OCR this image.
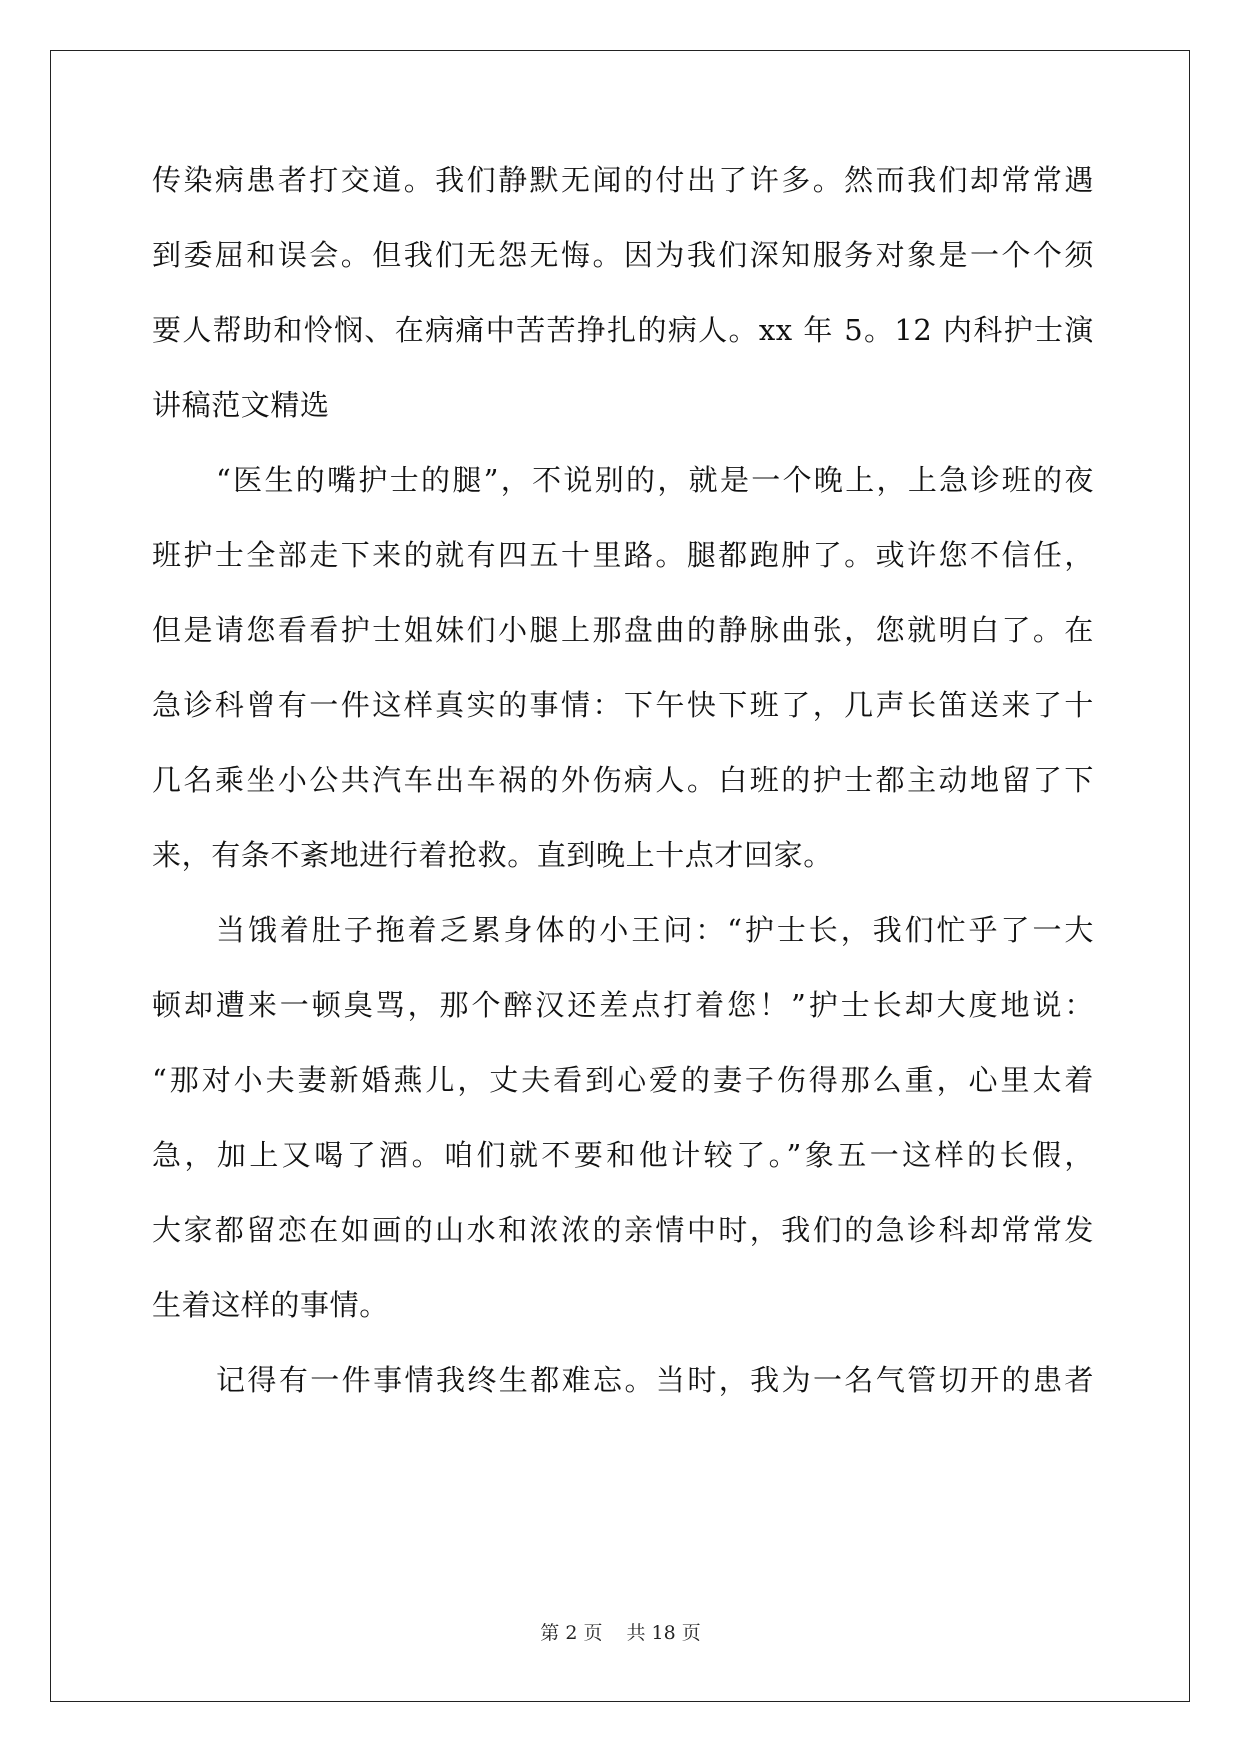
传染病患者打交道。我们静默无闻的付出了许多。然而我们却常常遇
到委屈和误会。但我们无怨无悔。因为我们深知服务对象是一个个须
要人帮助和怜悯、在病痛中苦苦挣扎的病人。xx 年 5。12 内科护士演
讲稿范文精选
“医生的嘴护士的腿”，不说别的，就是一个晚上，上急诊班的夜
班护士全部走下来的就有四五十里路。腿都跑肿了。或许您不信任，
但是请您看看护士姐妹们小腿上那盘曲的静脉曲张，您就明白了。在
急诊科曾有一件这样真实的事情：下午快下班了，几声长笛送来了十
几名乘坐小公共汽车出车祸的外伤病人。白班的护士都主动地留了下
来，有条不紊地进行着抢救。直到晚上十点才回家。
当饿着肚子拖着乏累身体的小王问：“护士长，我们忙乎了一大
顿却遭来一顿臭骂，那个醉汉还差点打着您！”护士长却大度地说：
“那对小夫妻新婚燕儿，丈夫看到心爱的妻子伤得那么重，心里太着
急，加上又喝了酒。咱们就不要和他计较了。”象五一这样的长假，
大家都留恋在如画的山水和浓浓的亲情中时，我们的急诊科却常常发
生着这样的事情。
记得有一件事情我终生都难忘。当时，我为一名气管切开的患者
第 2 页 共 18 页
